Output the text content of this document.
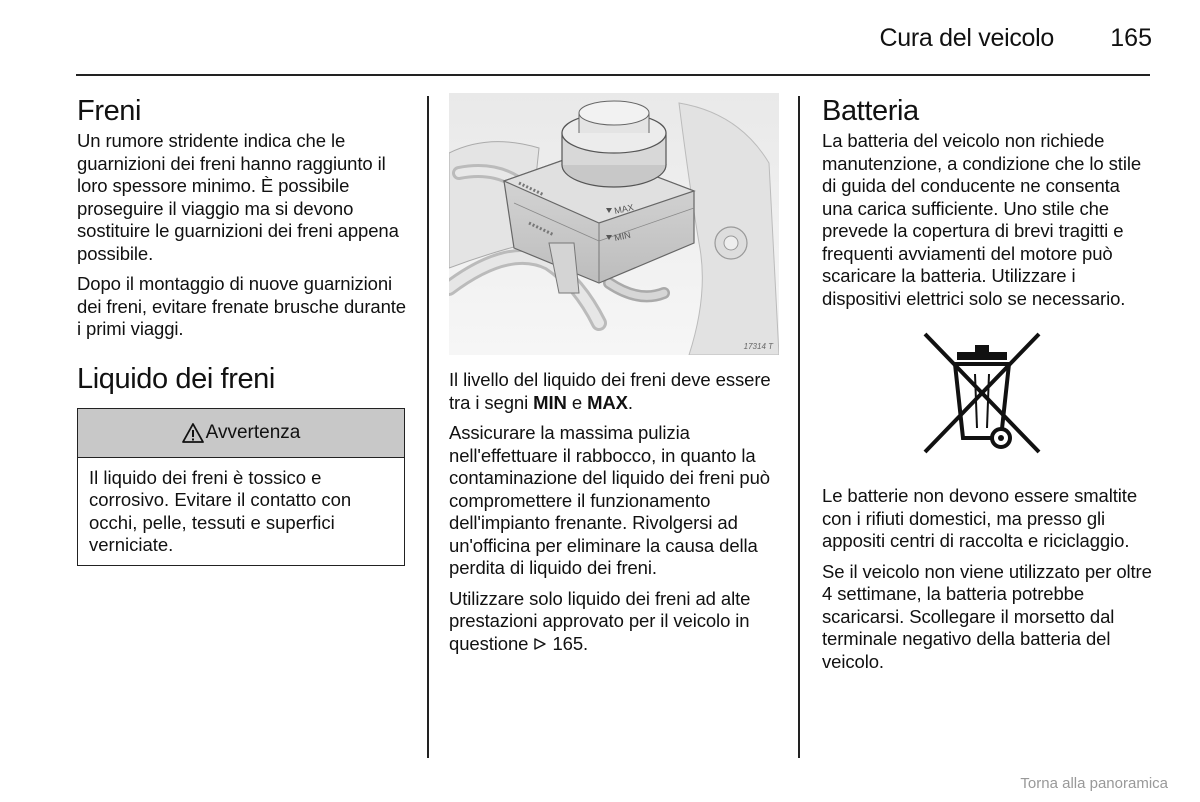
Cura del veicolo 165
Freni

Un rumore stridente indica che le guarnizioni dei freni hanno raggiunto il loro spessore minimo. È possibile proseguire il viaggio ma si devono sostituire le guarnizioni dei freni appena possibile.

Dopo il montaggio di nuove guarnizioni dei freni, evitare frenate brusche durante i primi viaggi.

Liquido dei freni
Avvertenza
Il liquido dei freni è tossico e corrosivo. Evitare il contatto con occhi, pelle, tessuti e superfici verniciate.
MAX
MIN
17314 T

Il livello del liquido dei freni deve essere tra i segni MIN e MAX.

Assicurare la massima pulizia nell'effettuare il rabbocco, in quanto la contaminazione del liquido dei freni può compromettere il funzionamento dell'impianto frenante. Rivolgersi ad un'officina per eliminare la causa della perdita di liquido dei freni.

Utilizzare solo liquido dei freni ad alte prestazioni approvato per il veicolo in questione 165.

Batteria

La batteria del veicolo non richiede manutenzione, a condizione che lo stile di guida del conducente ne consenta una carica sufficiente. Uno stile che prevede la copertura di brevi tragitti e frequenti avviamenti del motore può scaricare la batteria. Utilizzare i dispositivi elettrici solo se necessario.

Le batterie non devono essere smaltite con i rifiuti domestici, ma presso gli appositi centri di raccolta e riciclaggio.

Se il veicolo non viene utilizzato per oltre 4 settimane, la batteria potrebbe scaricarsi. Scollegare il morsetto dal terminale negativo della batteria del veicolo.

Torna alla panoramica
